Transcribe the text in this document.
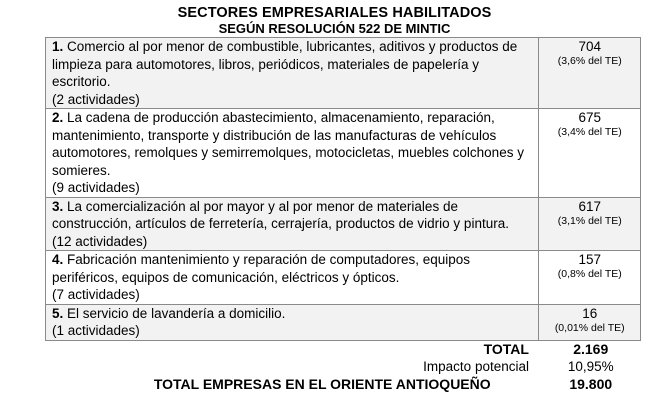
SECTORES EMPRESARIALES HABILITADOS
SEGÚN RESOLUCIÓN 522 DE MINTIC
1. Comercio al por menor de combustible, lubricantes, aditivos y productos de limpieza para automotores, libros, periódicos, materiales de papelería y escritorio.
(2 actividades)	704
(3,6% del TE)

2. La cadena de producción abastecimiento, almacenamiento, reparación, mantenimiento, transporte y distribución de las manufacturas de vehículos automotores, remolques y semirremolques, motocicletas, muebles colchones y somieres.
(9 actividades)	675
(3,4% del TE)

3. La comercialización al por mayor y al por menor de materiales de construcción, artículos de ferretería, cerrajería, productos de vidrio y pintura.
(12 actividades)	617
(3,1% del TE)

4. Fabricación mantenimiento y reparación de computadores, equipos periféricos, equipos de comunicación, eléctricos y ópticos.
(7 actividades)	157
(0,8% del TE)

5. El servicio de lavandería a domicilio.
(1 actividades)	16
(0,01% del TE)

TOTAL	2.169
Impacto potencial	10,95%
TOTAL EMPRESAS EN EL ORIENTE ANTIOQUEÑO	19.800
